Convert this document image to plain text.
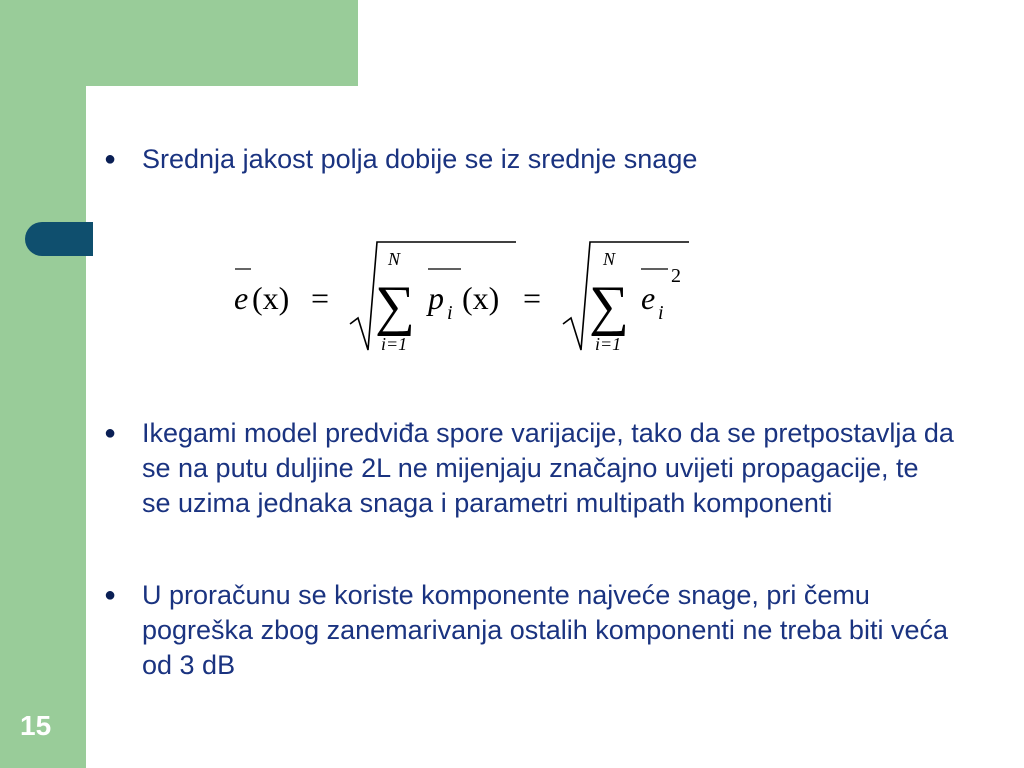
15
● Srednja jakost polja dobije se iz srednje snage
e (x) =
N
∑
i=1
p i (x) =
N
∑
i=1
e i
2
● Ikegami model predviđa spore varijacije, tako da se pretpostavlja da se na putu duljine 2L ne mijenjaju značajno uvijeti propagacije, te se uzima jednaka snaga i parametri multipath komponenti
● U proračunu se koriste komponente najveće snage, pri čemu pogreška zbog zanemarivanja ostalih komponenti ne treba biti veća od 3 dB
